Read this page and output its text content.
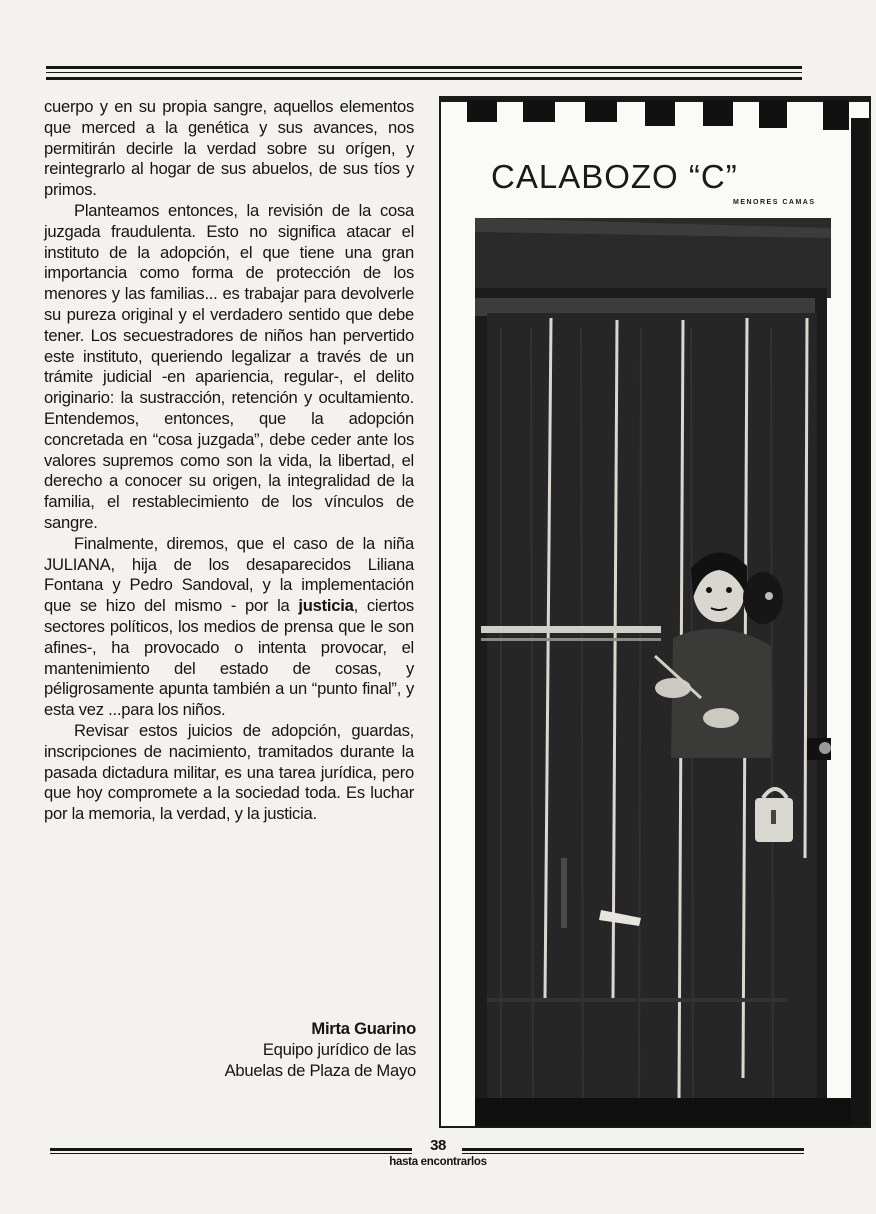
cuerpo y en su propia sangre, aquellos elementos que merced a la genética y sus avances, nos permitirán decirle la verdad sobre su orígen, y reintegrarlo al hogar de sus abuelos, de sus tíos y primos.

Planteamos entonces, la revisión de la cosa juzgada fraudulenta. Esto no significa atacar el instituto de la adopción, el que tiene una gran importancia como forma de protección de los menores y las familias... es trabajar para devolverle su pureza original y el verdadero sentido que debe tener. Los secuestradores de niños han pervertido este instituto, queriendo legalizar a través de un trámite judicial -en apariencia, regular-, el delito originario: la sustracción, retención y ocultamiento. Entendemos, entonces, que la adopción concretada en “cosa juzgada”, debe ceder ante los valores supremos como son la vida, la libertad, el derecho a conocer su origen, la integralidad de la familia, el restablecimiento de los vínculos de sangre.

Finalmente, diremos, que el caso de la niña JULIANA, hija de los desaparecidos Liliana Fontana y Pedro Sandoval, y la implementación que se hizo del mismo - por la justicia, ciertos sectores políticos, los medios de prensa que le son afines-, ha provocado o intenta provocar, el mantenimiento del estado de cosas, y péligrosamente apunta también a un “punto final”, y esta vez ...para los niños.

Revisar estos juicios de adopción, guardas, inscripciones de nacimiento, tramitados durante la pasada dictadura militar, es una tarea jurídica, pero que hoy compromete a la sociedad toda. Es luchar por la memoria, la verdad, y la justicia.

Mirta Guarino
Equipo jurídico de las
Abuelas de Plaza de Mayo
CALABOZO “C”
MENORES CAMAS
38
hasta encontrarlos
